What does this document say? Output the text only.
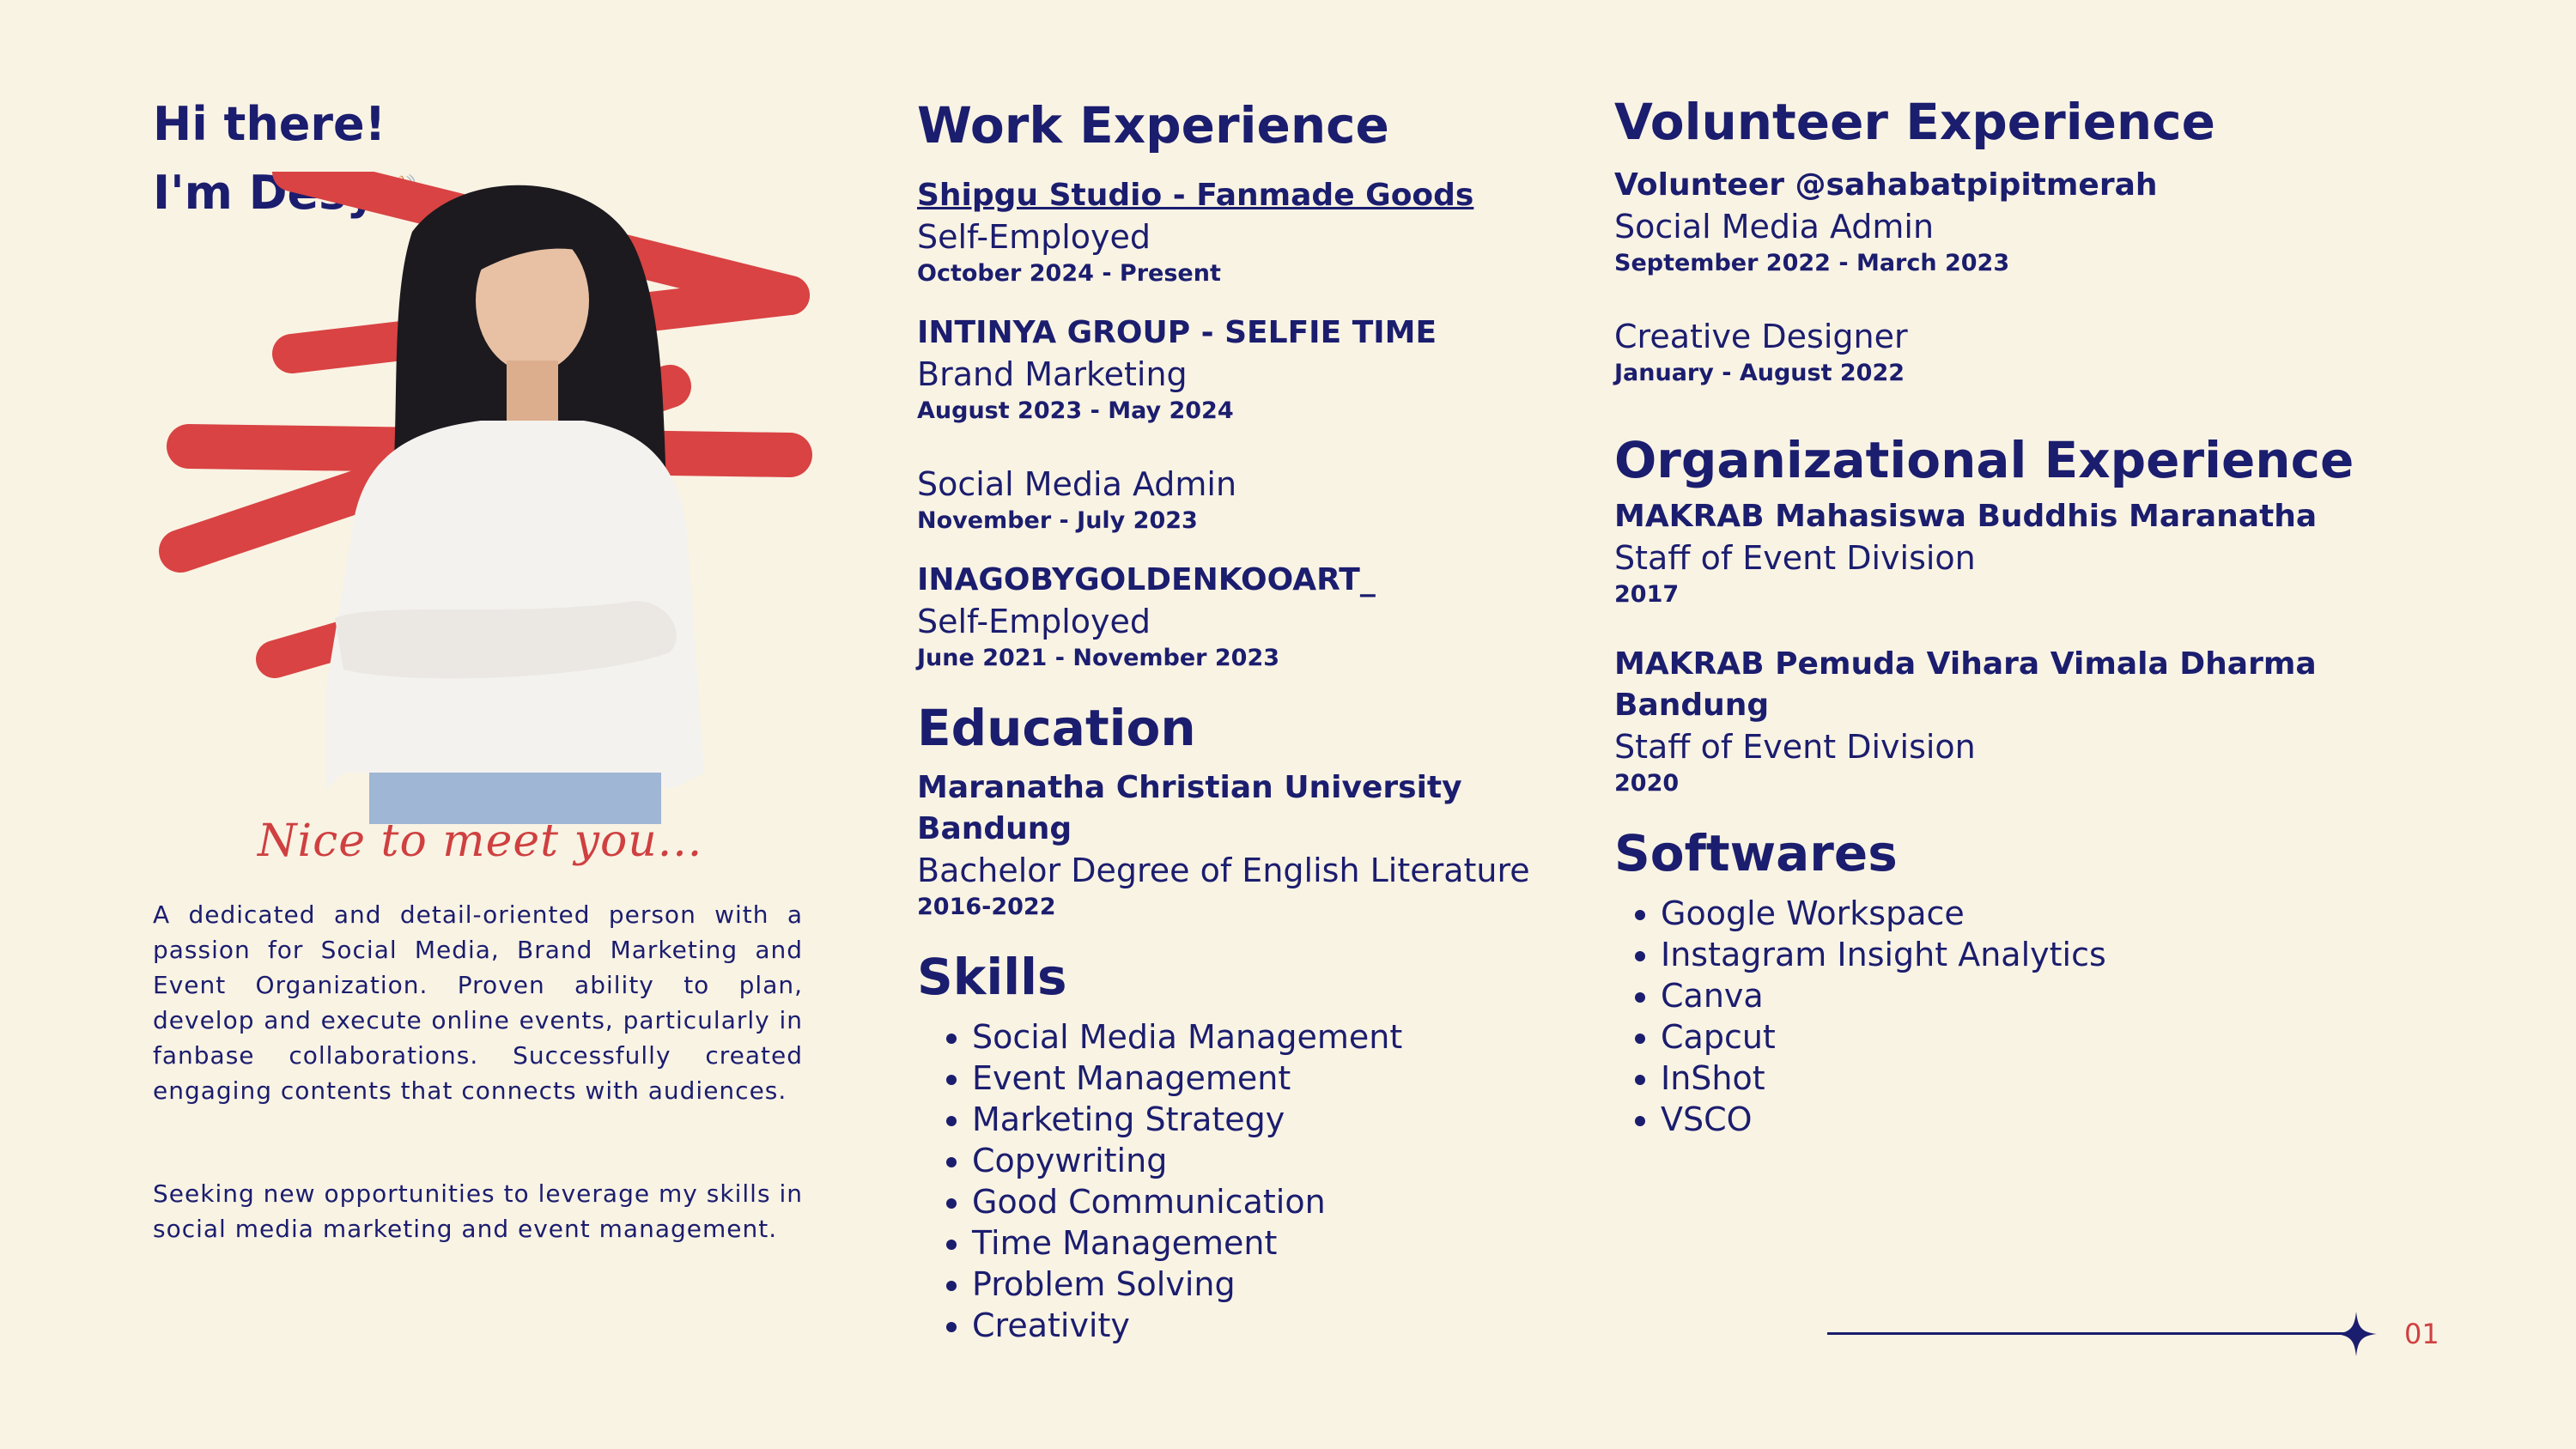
Hi there!
I'm Desy👋🏻
Nice to meet you...
A dedicated and detail-oriented person with a passion for Social Media, Brand Marketing and Event Organization. Proven ability to plan, develop and execute online events, particularly in fanbase collaborations. Successfully created engaging contents that connects with audiences.
Seeking new opportunities to leverage my skills in social media marketing and event management.
Work Experience
Shipgu Studio - Fanmade Goods
Self-Employed
October 2024 - Present
INTINYA GROUP - SELFIE TIME
Brand Marketing
August 2023 - May 2024
Social Media Admin
November - July 2023
INAGOBYGOLDENKOOART_
Self-Employed
June 2021 - November 2023
Education
Maranatha Christian University
Bandung
Bachelor Degree of English Literature
2016-2022
Skills
• Social Media Management
• Event Management
• Marketing Strategy
• Copywriting
• Good Communication
• Time Management
• Problem Solving
• Creativity
Volunteer Experience
Volunteer @sahabatpipitmerah
Social Media Admin
September 2022 - March 2023
Creative Designer
January - August 2022
Organizational Experience
MAKRAB Mahasiswa Buddhis Maranatha
Staff of Event Division
2017
MAKRAB Pemuda Vihara Vimala Dharma Bandung
Staff of Event Division
2020
Softwares
• Google Workspace
• Instagram Insight Analytics
• Canva
• Capcut
• InShot
• VSCO
01
